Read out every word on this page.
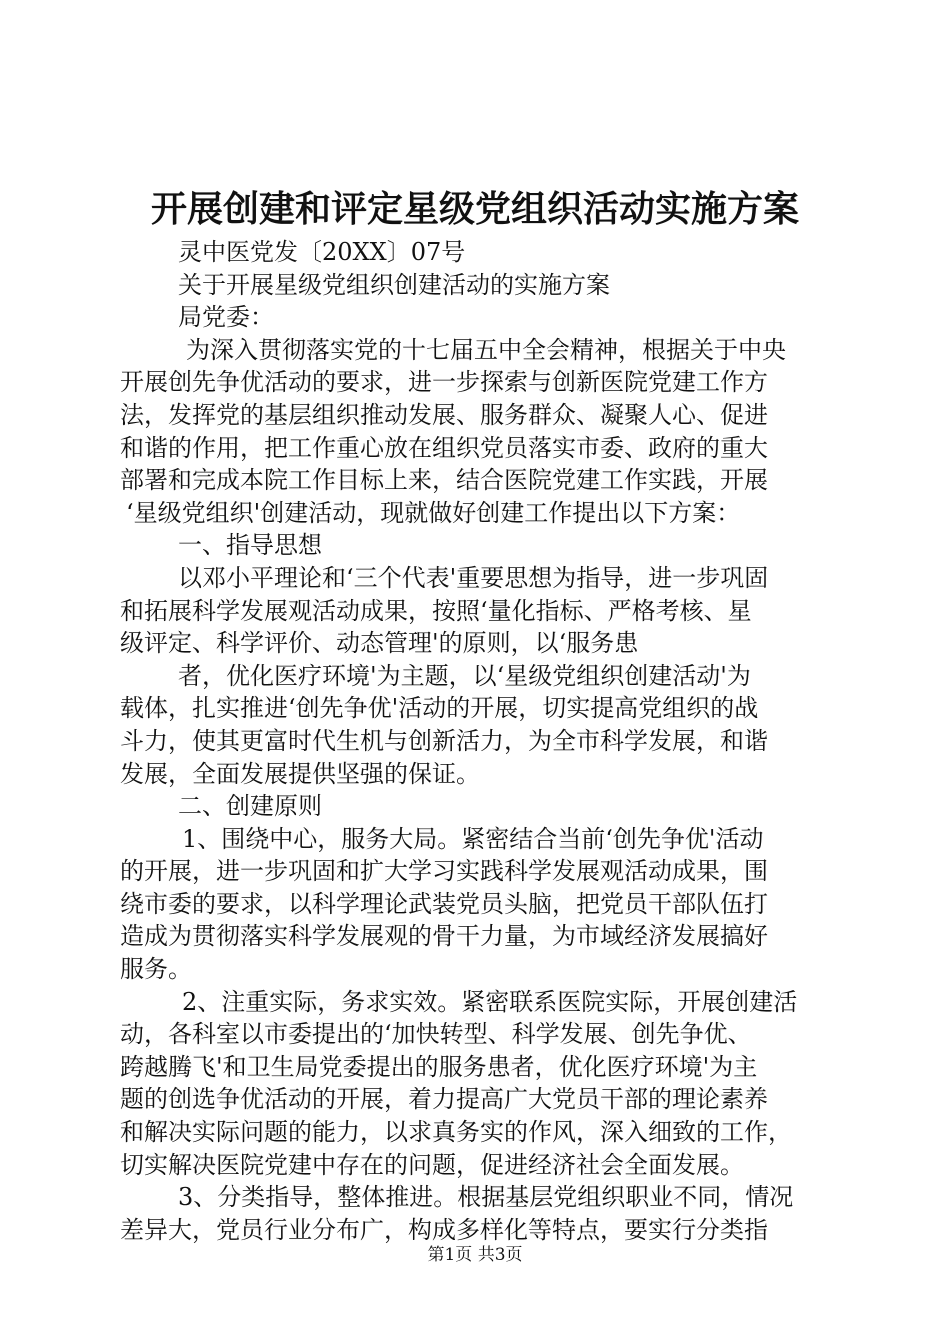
开展创建和评定星级党组织活动实施方案
灵中医党发〔20XX〕07号
关于开展星级党组织创建活动的实施方案
局党委：
为深入贯彻落实党的十七届五中全会精神，根据关于中央
开展创先争优活动的要求，进一步探索与创新医院党建工作方
法，发挥党的基层组织推动发展、服务群众、凝聚人心、促进
和谐的作用，把工作重心放在组织党员落实市委、政府的重大
部署和完成本院工作目标上来，结合医院党建工作实践，开展
‘星级党组织'创建活动，现就做好创建工作提出以下方案：
一、指导思想
以邓小平理论和‘三个代表'重要思想为指导，进一步巩固
和拓展科学发展观活动成果，按照‘量化指标、严格考核、星
级评定、科学评价、动态管理'的原则，以‘服务患
者，优化医疗环境'为主题，以‘星级党组织创建活动'为
载体，扎实推进‘创先争优'活动的开展，切实提高党组织的战
斗力，使其更富时代生机与创新活力，为全市科学发展，和谐
发展，全面发展提供坚强的保证。
二、创建原则
1、围绕中心，服务大局。紧密结合当前‘创先争优'活动
的开展，进一步巩固和扩大学习实践科学发展观活动成果，围
绕市委的要求，以科学理论武装党员头脑，把党员干部队伍打
造成为贯彻落实科学发展观的骨干力量，为市域经济发展搞好
服务。
2、注重实际，务求实效。紧密联系医院实际，开展创建活
动，各科室以市委提出的‘加快转型、科学发展、创先争优、
跨越腾飞'和卫生局党委提出的服务患者，优化医疗环境'为主
题的创选争优活动的开展，着力提高广大党员干部的理论素养
和解决实际问题的能力，以求真务实的作风，深入细致的工作，
切实解决医院党建中存在的问题，促进经济社会全面发展。
3、分类指导，整体推进。根据基层党组织职业不同，情况
差异大，党员行业分布广，构成多样化等特点，要实行分类指
第1页 共3页
